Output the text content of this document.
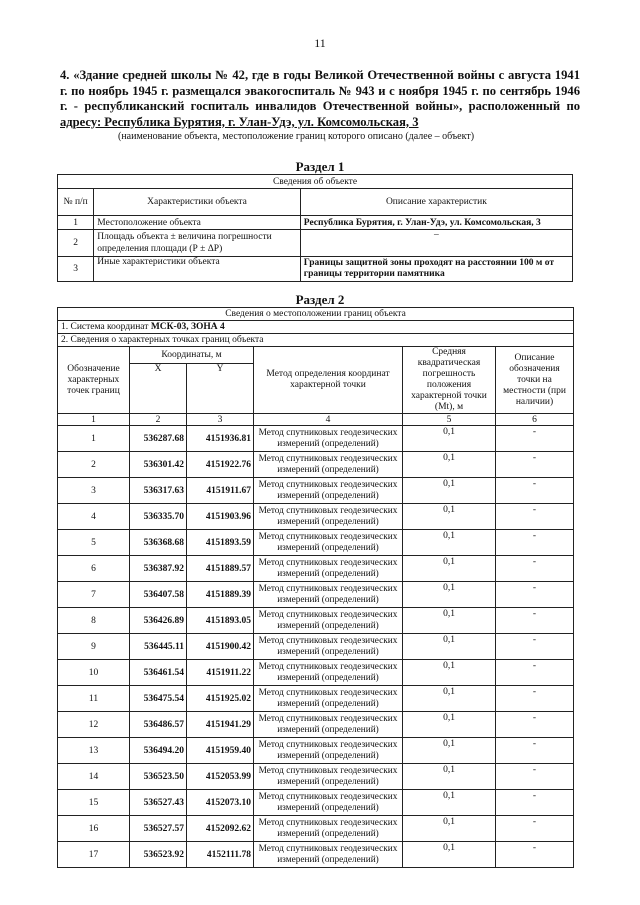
11
4. «Здание средней школы № 42, где в годы Великой Отечественной войны с августа 1941 г. по ноябрь 1945 г. размещался эвакогоспиталь № 943 и с ноября 1945 г. по сентябрь 1946 г. - республиканский госпиталь инвалидов Отечественной войны», расположенный по адресу: Республика Бурятия, г. Улан-Удэ, ул. Комсомольская, 3
(наименование объекта, местоположение границ которого описано (далее – объект)
Раздел 1
Сведения об объекте		
№ п/п	Характеристики объекта	Описание характеристик
1	Местоположение объекта	Республика Бурятия, г. Улан-Удэ, ул. Комсомольская, 3
2	Площадь объекта ± величина погрешности определения площади (Р ± ΔР)	–
3	Иные характеристики объекта	Границы защитной зоны проходят на расстоянии 100 м от границы территории памятника
Раздел 2
Сведения о местоположении границ объекта					
1. Система координат МСК-03, ЗОНА 4					
2. Сведения о характерных точках границ объекта					
Обозначение характерных точек границ	Координаты, м		Метод определения координат характерной точки	Средняя квадратическая погрешность положения характерной точки (Mt), м	Описание обозначения точки на местности (при наличии)
	X	Y			
1	2	3	4	5	6
1	536287.68	4151936.81	Метод спутниковых геодезических измерений (определений)	0,1	-
2	536301.42	4151922.76	Метод спутниковых геодезических измерений (определений)	0,1	-
3	536317.63	4151911.67	Метод спутниковых геодезических измерений (определений)	0,1	-
4	536335.70	4151903.96	Метод спутниковых геодезических измерений (определений)	0,1	-
5	536368.68	4151893.59	Метод спутниковых геодезических измерений (определений)	0,1	-
6	536387.92	4151889.57	Метод спутниковых геодезических измерений (определений)	0,1	-
7	536407.58	4151889.39	Метод спутниковых геодезических измерений (определений)	0,1	-
8	536426.89	4151893.05	Метод спутниковых геодезических измерений (определений)	0,1	-
9	536445.11	4151900.42	Метод спутниковых геодезических измерений (определений)	0,1	-
10	536461.54	4151911.22	Метод спутниковых геодезических измерений (определений)	0,1	-
11	536475.54	4151925.02	Метод спутниковых геодезических измерений (определений)	0,1	-
12	536486.57	4151941.29	Метод спутниковых геодезических измерений (определений)	0,1	-
13	536494.20	4151959.40	Метод спутниковых геодезических измерений (определений)	0,1	-
14	536523.50	4152053.99	Метод спутниковых геодезических измерений (определений)	0,1	-
15	536527.43	4152073.10	Метод спутниковых геодезических измерений (определений)	0,1	-
16	536527.57	4152092.62	Метод спутниковых геодезических измерений (определений)	0,1	-
17	536523.92	4152111.78	Метод спутниковых геодезических измерений (определений)	0,1	-
